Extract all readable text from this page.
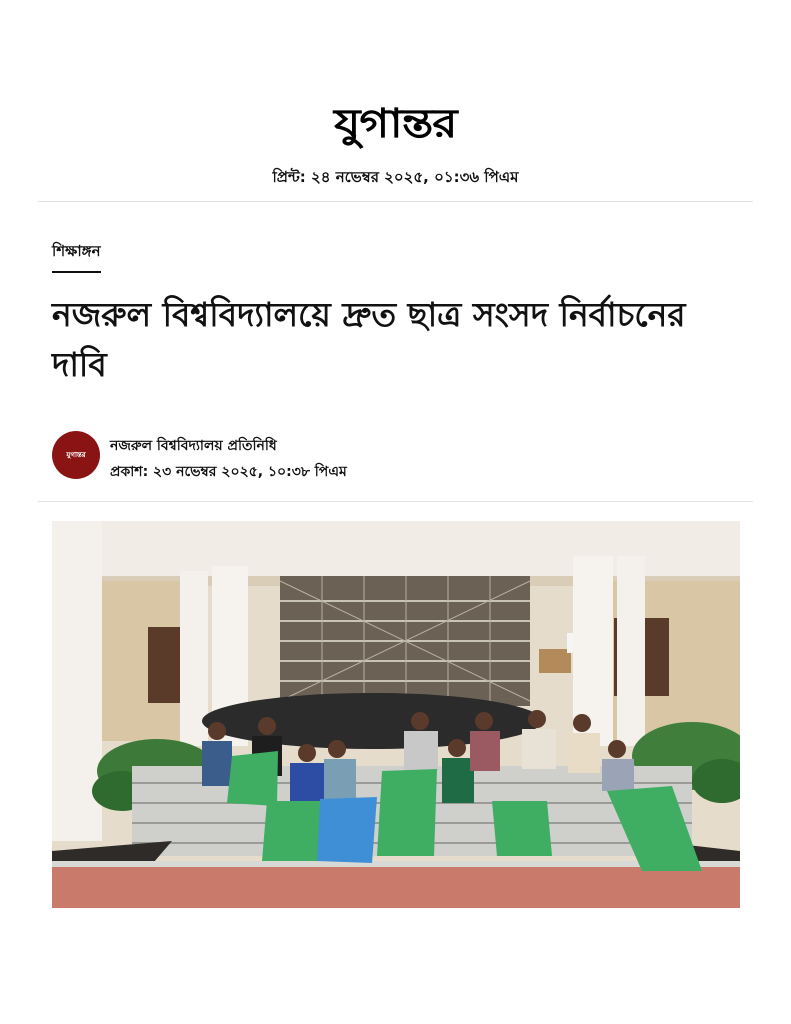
যুগান্তর
প্রিন্ট: ২৪ নভেম্বর ২০২৫, ০১:৩৬ পিএম
শিক্ষাঙ্গন
নজরুল বিশ্ববিদ্যালয়ে দ্রুত ছাত্র সংসদ নির্বাচনের দাবি
যুগান্তর
নজরুল বিশ্ববিদ্যালয় প্রতিনিধি
প্রকাশ: ২৩ নভেম্বর ২০২৫, ১০:৩৮ পিএম
